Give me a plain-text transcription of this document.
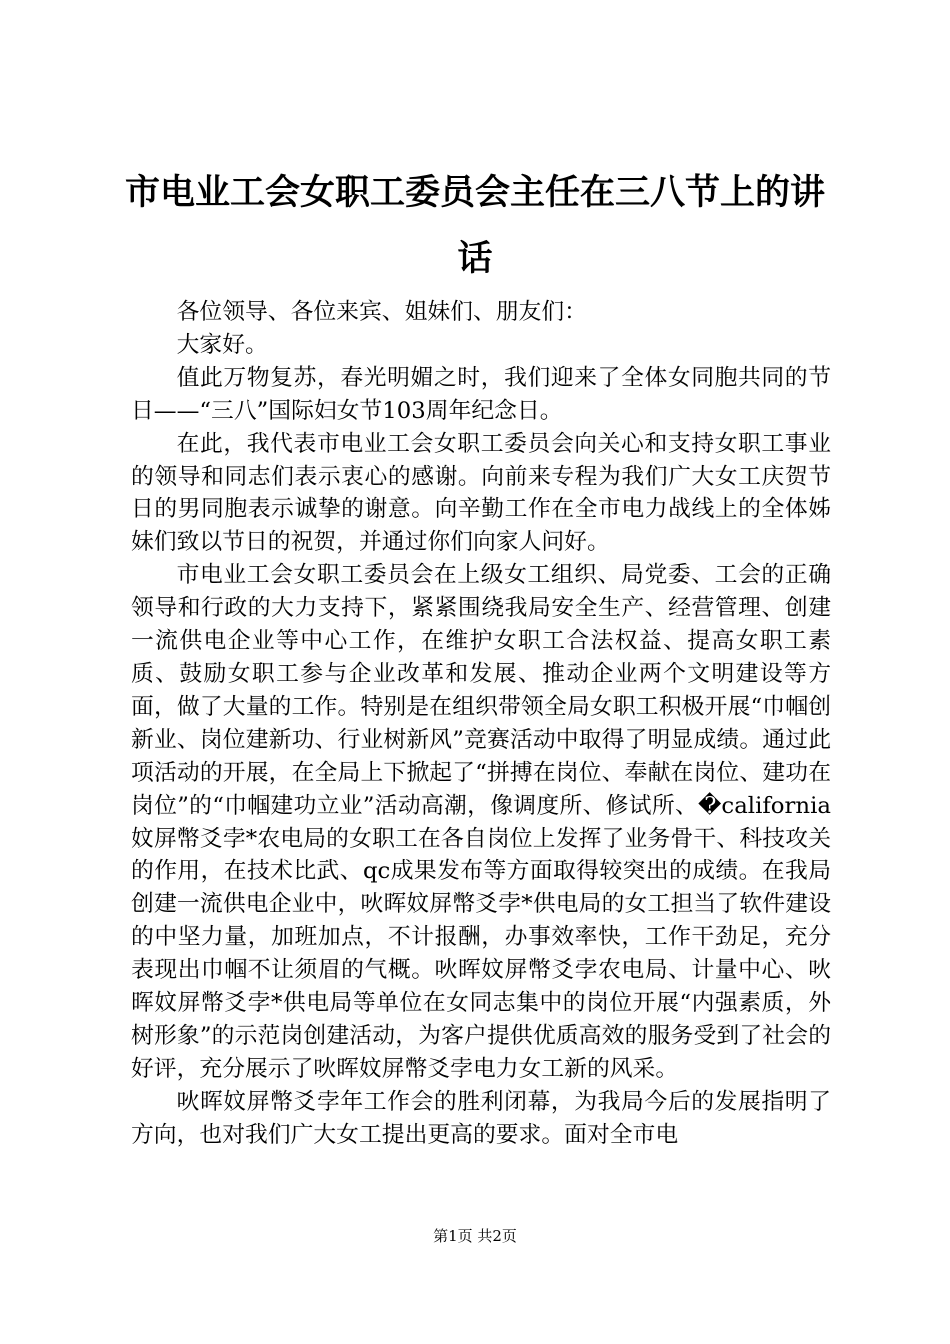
市电业工会女职工委员会主任在三八节上的讲话

各位领导、各位来宾、姐妹们、朋友们：

大家好。

值此万物复苏，春光明媚之时，我们迎来了全体女同胞共同的节日——“三八”国际妇女节103周年纪念日。

在此，我代表市电业工会女职工委员会向关心和支持女职工事业的领导和同志们表示衷心的感谢。向前来专程为我们广大女工庆贺节日的男同胞表示诚挚的谢意。向辛勤工作在全市电力战线上的全体姊妹们致以节日的祝贺，并通过你们向家人问好。

市电业工会女职工委员会在上级女工组织、局党委、工会的正确领导和行政的大力支持下，紧紧围绕我局安全生产、经营管理、创建一流供电企业等中心工作，在维护女职工合法权益、提高女职工素质、鼓励女职工参与企业改革和发展、推动企业两个文明建设等方面，做了大量的工作。特别是在组织带领全局女职工积极开展“巾帼创新业、岗位建新功、行业树新风”竞赛活动中取得了明显成绩。通过此项活动的开展，在全局上下掀起了“拼搏在岗位、奉献在岗位、建功在岗位”的“巾帼建功立业”活动高潮，像调度所、修试所、�california妏屏幣爻孛*农电局的女职工在各自岗位上发挥了业务骨干、科技攻关的作用，在技术比武、qc成果发布等方面取得较突出的成绩。在我局创建一流供电企业中，吙晖妏屏幣爻孛*供电局的女工担当了软件建设的中坚力量，加班加点，不计报酬，办事效率快，工作干劲足，充分表现出巾帼不让须眉的气概。吙晖妏屏幣爻孛农电局、计量中心、吙晖妏屏幣爻孛*供电局等单位在女同志集中的岗位开展“内强素质，外树形象”的示范岗创建活动，为客户提供优质高效的服务受到了社会的好评，充分展示了吙晖妏屏幣爻孛电力女工新的风采。

吙晖妏屏幣爻孛年工作会的胜利闭幕，为我局今后的发展指明了方向，也对我们广大女工提出更高的要求。面对全市电

第1页 共2页
